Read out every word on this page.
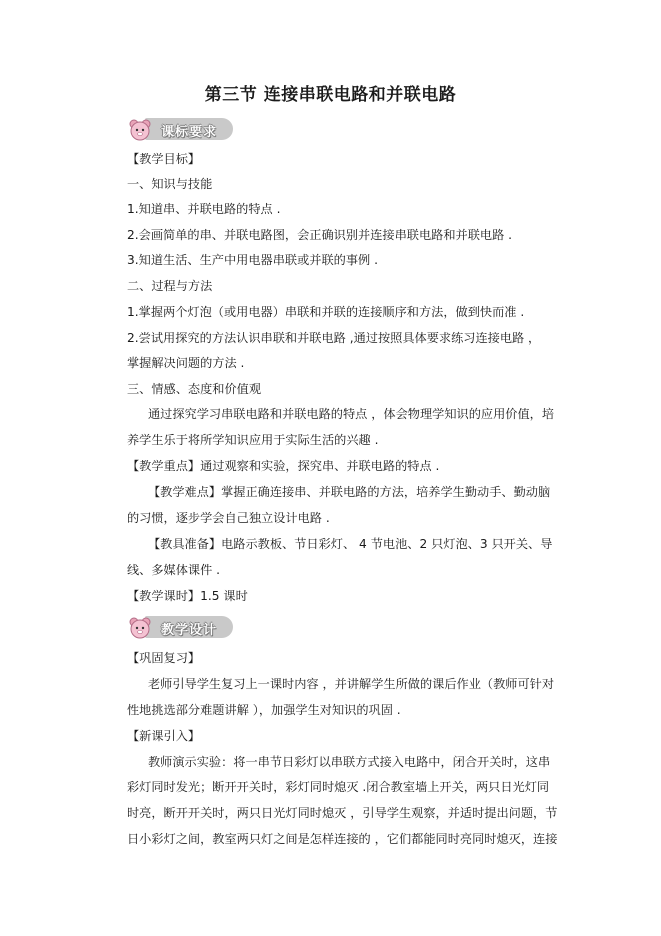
第三节 连接串联电路和并联电路
课标要求
【教学目标】
一、知识与技能
1.知道串、并联电路的特点 .
2.会画简单的串、并联电路图，会正确识别并连接串联电路和并联电路 .
3.知道生活、生产中用电器串联或并联的事例 .
二、过程与方法
1.掌握两个灯泡（或用电器）串联和并联的连接顺序和方法，做到快而准 .
2.尝试用探究的方法认识串联和并联电路 ,通过按照具体要求练习连接电路 ，
掌握解决问题的方法 .
三、情感、态度和价值观
通过探究学习串联电路和并联电路的特点 ，体会物理学知识的应用价值，培
养学生乐于将所学知识应用于实际生活的兴趣 .
【教学重点】通过观察和实验，探究串、并联电路的特点 .
【教学难点】掌握正确连接串、并联电路的方法，培养学生勤动手、勤动脑
的习惯，逐步学会自己独立设计电路 .
【教具准备】电路示教板、节日彩灯、 4 节电池、2 只灯泡、3 只开关、导
线、多媒体课件 .
【教学课时】1.5 课时
教学设计
【巩固复习】
老师引导学生复习上一课时内容 ，并讲解学生所做的课后作业（教师可针对
性地挑选部分难题讲解 ），加强学生对知识的巩固 .
【新课引入】
教师演示实验：将一串节日彩灯以串联方式接入电路中，闭合开关时，这串
彩灯同时发光；断开开关时，彩灯同时熄灭 .闭合教室墙上开关，两只日光灯同
时亮，断开开关时，两只日光灯同时熄灭 ，引导学生观察，并适时提出问题，节
日小彩灯之间，教室两只灯之间是怎样连接的 ，它们都能同时亮同时熄灭，连接
